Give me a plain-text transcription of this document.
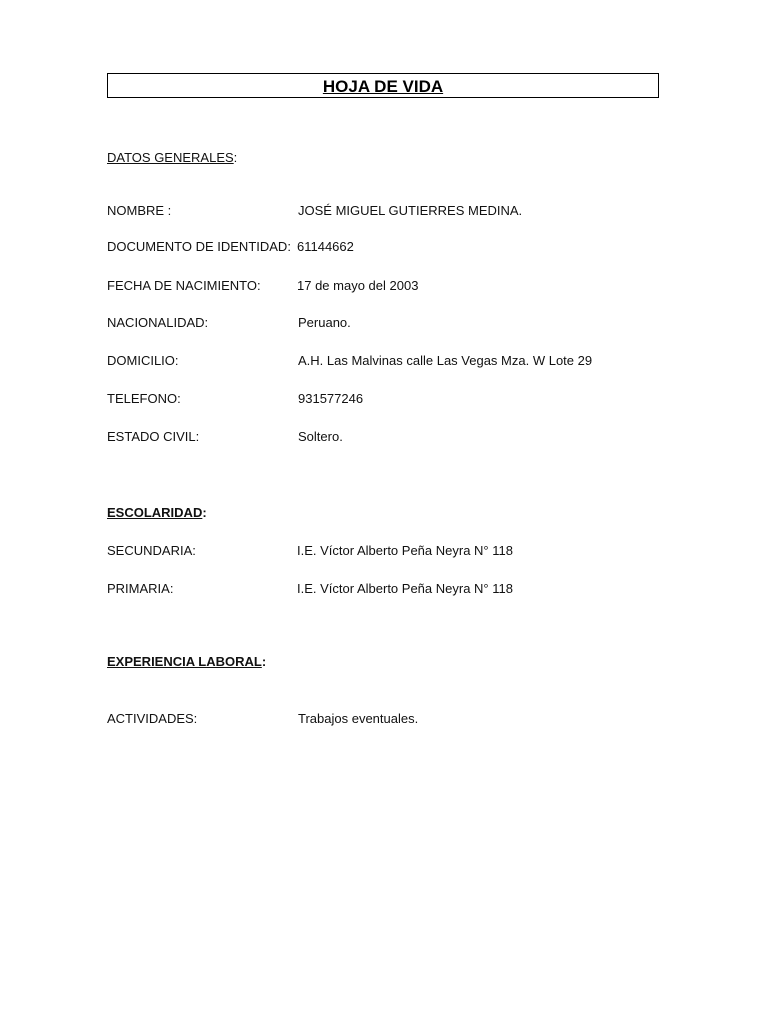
HOJA DE VIDA
DATOS GENERALES:
NOMBRE :	JOSÉ MIGUEL GUTIERRES MEDINA.
DOCUMENTO DE IDENTIDAD: 61144662
FECHA DE NACIMIENTO:	17 de mayo del 2003
NACIONALIDAD:	Peruano.
DOMICILIO:	A.H. Las Malvinas calle Las Vegas Mza. W Lote 29
TELEFONO:	931577246
ESTADO CIVIL:	Soltero.
ESCOLARIDAD:
SECUNDARIA:	I.E. Víctor Alberto Peña Neyra N° 118
PRIMARIA:	I.E. Víctor Alberto Peña Neyra N° 118
EXPERIENCIA LABORAL:
ACTIVIDADES:	Trabajos eventuales.
